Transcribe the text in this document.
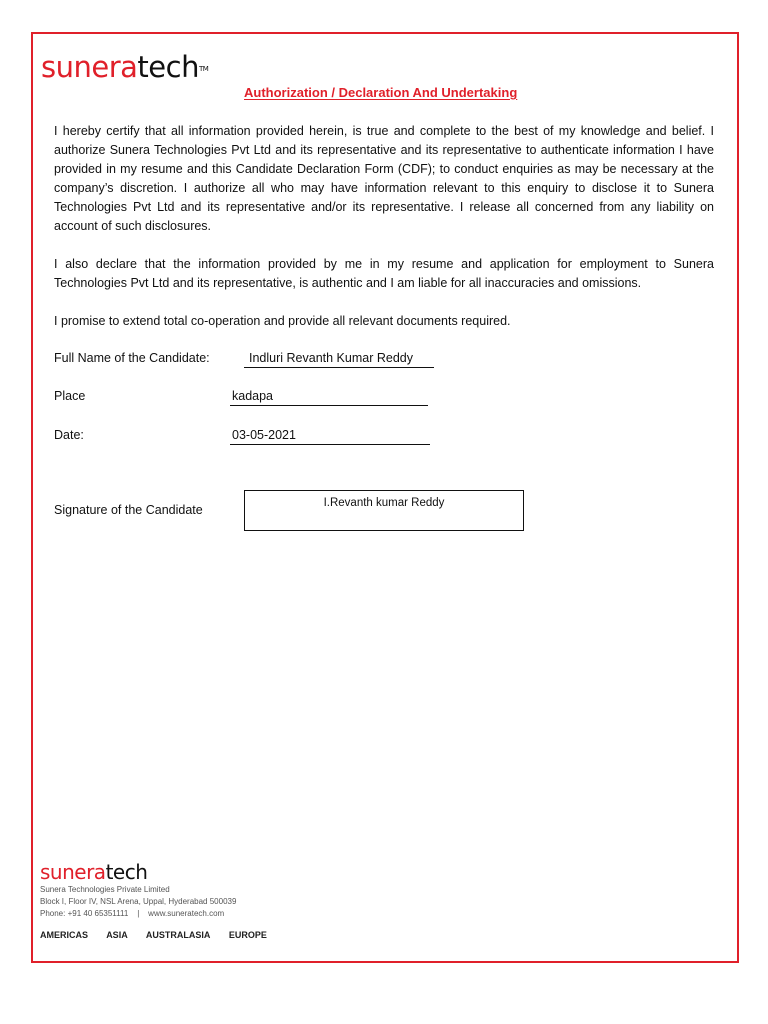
suneratech™
Authorization / Declaration And Undertaking

I hereby certify that all information provided herein, is true and complete to the best of my knowledge and belief. I authorize Sunera Technologies Pvt Ltd and its representative and its representative to authenticate information I have provided in my resume and this Candidate Declaration Form (CDF); to conduct enquiries as may be necessary at the company’s discretion. I authorize all who may have information relevant to this enquiry to disclose it to Sunera Technologies Pvt Ltd and its representative and/or its representative. I release all concerned from any liability on account of such disclosures.

I also declare that the information provided by me in my resume and application for employment to Sunera Technologies Pvt Ltd and its representative, is authentic and I am liable for all inaccuracies and omissions.

I promise to extend total co-operation and provide all relevant documents required.

Full Name of the Candidate:	Indluri Revanth Kumar Reddy
Place	kadapa
Date:	03-05-2021
Signature of the Candidate	I.Revanth kumar Reddy
suneratech
Sunera Technologies Private Limited
Block I, Floor IV, NSL Arena, Uppal, Hyderabad 500039
Phone: +91 40 65351111    |    www.suneratech.com
AMERICAS ASIA AUSTRALASIA EUROPE
